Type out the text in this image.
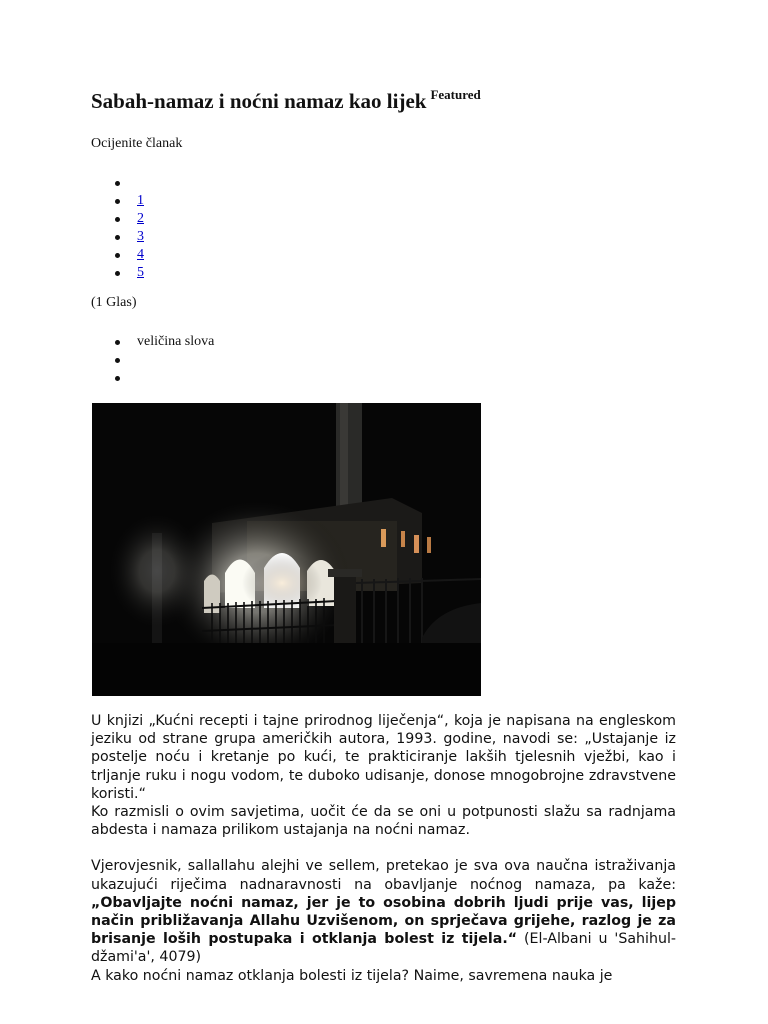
Sabah-namaz i noćni namaz kao lijek $^{Featured}$
Ocijenite članak
1
2
3
4
5
(1 Glas)
veličina slova

U knjizi „Kućni recepti i tajne prirodnog liječenja“, koja je napisana na engleskom jeziku od strane grupa američkih autora, 1993. godine, navodi se: „Ustajanje iz postelje noću i kretanje po kući, te prakticiranje lakših tjelesnih vježbi, kao i trljanje ruku i nogu vodom, te duboko udisanje, donose mnogobrojne zdravstvene koristi.“
Ko razmisli o ovim savjetima, uočit će da se oni u potpunosti slažu sa radnjama abdesta i namaza prilikom ustajanja na noćni namaz.

Vjerovjesnik, sallallahu alejhi ve sellem, pretekao je sva ova naučna istraživanja ukazujući riječima nadnaravnosti na obavljanje noćnog namaza, pa kaže: „Obavljajte noćni namaz, jer je to osobina dobrih ljudi prije vas, lijep način približavanja Allahu Uzvišenom, on sprječava grijehe, razlog je za brisanje loših postupaka i otklanja bolest iz tijela.“ (El-Albani u 'Sahihul-džami'a', 4079)
A kako noćni namaz otklanja bolesti iz tijela? Naime, savremena nauka je
